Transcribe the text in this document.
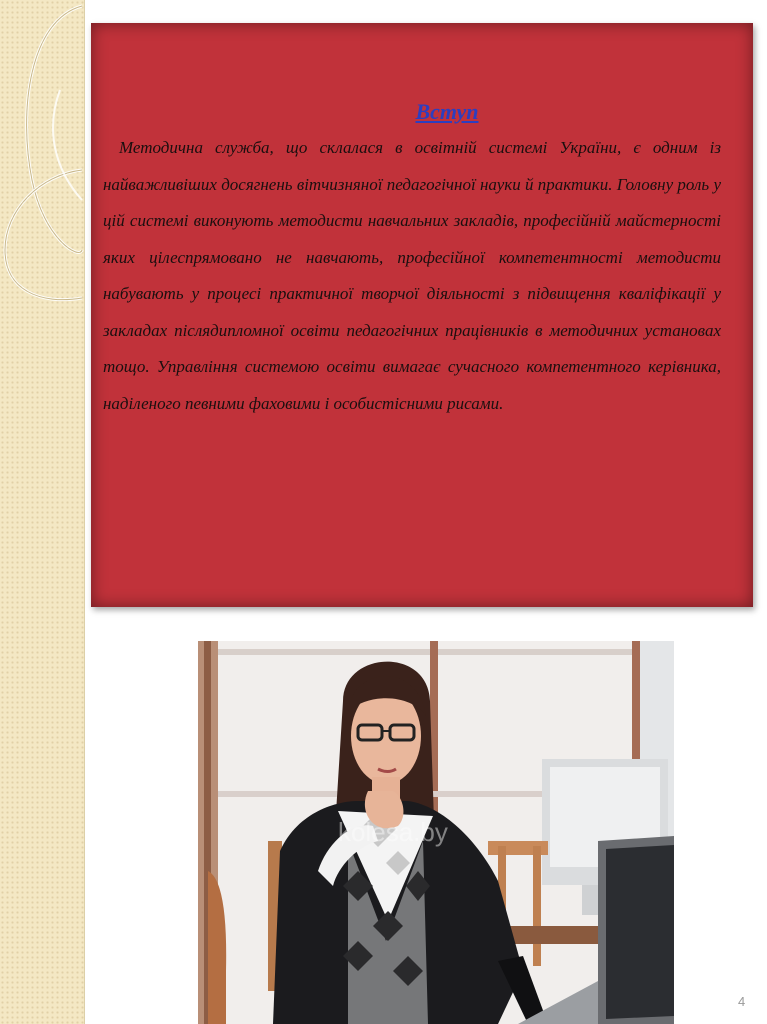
Вступ

Методична служба, що склалася в освітній системі України, є одним із найважливіших досягнень вітчизняної педагогічної науки й практики. Головну роль у цій системі виконують методисти навчальних закладів, професійній майстерності яких цілеспрямовано не навчають, професійної компетентності методисти набувають у процесі практичної творчої діяльності з підвищення кваліфікації у закладах післядипломної освіти педагогічних працівників в методичних установах тощо. Управління системою освіти вимагає сучасного компетентного керівника, наділеного певними фаховими і особистісними рисами.

kolesa.by
4
